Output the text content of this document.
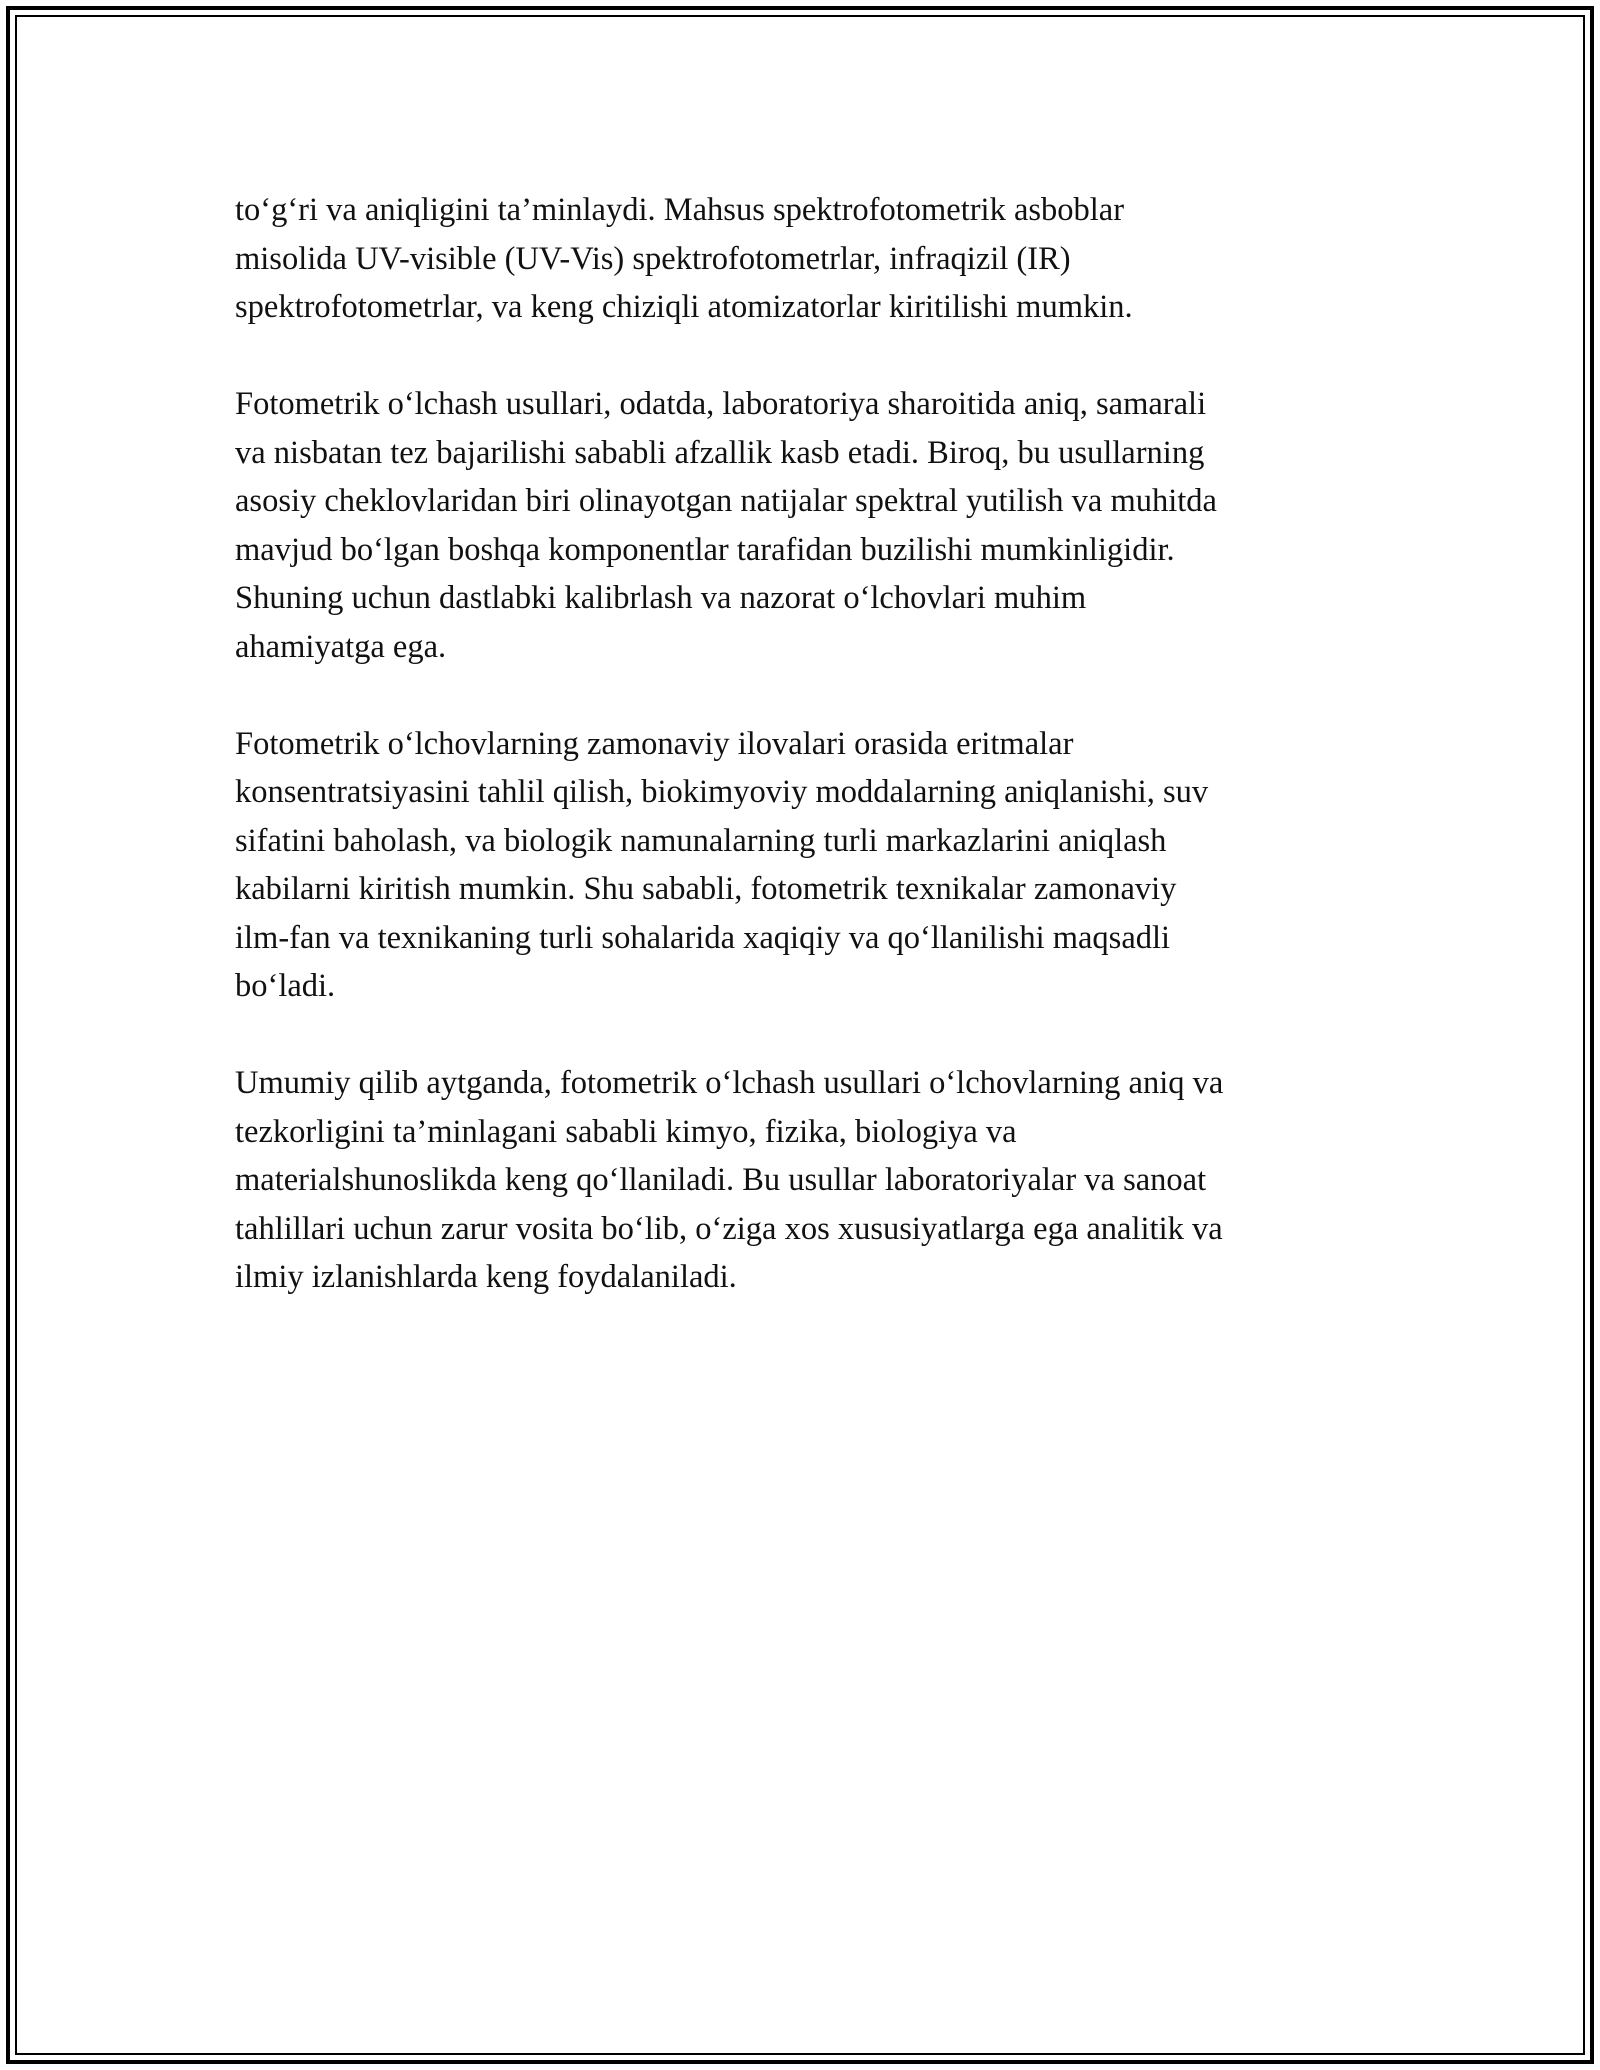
to‘g‘ri va aniqligini ta’minlaydi. Mahsus spektrofotometrik asboblar
misolida UV-visible (UV-Vis) spektrofotometrlar, infraqizil (IR)
spektrofotometrlar, va keng chiziqli atomizatorlar kiritilishi mumkin.

Fotometrik o‘lchash usullari, odatda, laboratoriya sharoitida aniq, samarali
va nisbatan tez bajarilishi sababli afzallik kasb etadi. Biroq, bu usullarning
asosiy cheklovlaridan biri olinayotgan natijalar spektral yutilish va muhitda
mavjud bo‘lgan boshqa komponentlar tarafidan buzilishi mumkinligidir.
Shuning uchun dastlabki kalibrlash va nazorat o‘lchovlari muhim
ahamiyatga ega.

Fotometrik o‘lchovlarning zamonaviy ilovalari orasida eritmalar
konsentratsiyasini tahlil qilish, biokimyoviy moddalarning aniqlanishi, suv
sifatini baholash, va biologik namunalarning turli markazlarini aniqlash
kabilarni kiritish mumkin. Shu sababli, fotometrik texnikalar zamonaviy
ilm-fan va texnikaning turli sohalarida xaqiqiy va qo‘llanilishi maqsadli
bo‘ladi.

Umumiy qilib aytganda, fotometrik o‘lchash usullari o‘lchovlarning aniq va
tezkorligini ta’minlagani sababli kimyo, fizika, biologiya va
materialshunoslikda keng qo‘llaniladi. Bu usullar laboratoriyalar va sanoat
tahlillari uchun zarur vosita bo‘lib, o‘ziga xos xususiyatlarga ega analitik va
ilmiy izlanishlarda keng foydalaniladi.
